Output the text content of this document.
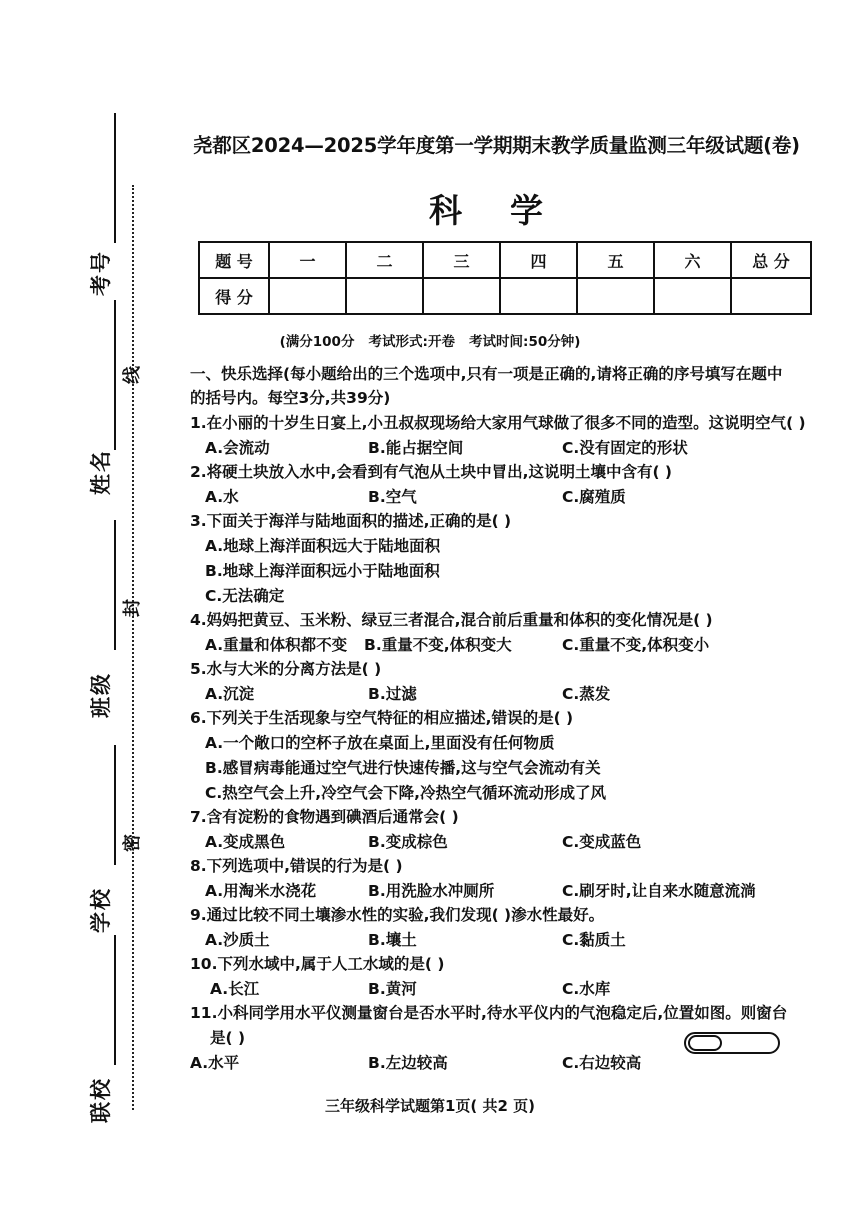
考号
姓名
班级
学校
联校
线
封
密
尧都区2024—2025学年度第一学期期末教学质量监测三年级试题(卷)
科学
题 号	一	二	三	四	五	六	总 分
得 分							
(满分100分   考试形式:开卷   考试时间:50分钟)
一、快乐选择(每小题给出的三个选项中,只有一项是正确的,请将正确的序号填写在题中
的括号内。每空3分,共39分)
1.在小丽的十岁生日宴上,小丑叔叔现场给大家用气球做了很多不同的造型。这说明空气( )
A.会流动	B.能占据空间	C.没有固定的形状
2.将硬土块放入水中,会看到有气泡从土块中冒出,这说明土壤中含有( )
A.水	B.空气	C.腐殖质
3.下面关于海洋与陆地面积的描述,正确的是( )
A.地球上海洋面积远大于陆地面积
B.地球上海洋面积远小于陆地面积
C.无法确定
4.妈妈把黄豆、玉米粉、绿豆三者混合,混合前后重量和体积的变化情况是( )
A.重量和体积都不变 B.重量不变,体积变大	C.重量不变,体积变小
5.水与大米的分离方法是( )
A.沉淀	B.过滤	C.蒸发
6.下列关于生活现象与空气特征的相应描述,错误的是( )
A.一个敞口的空杯子放在桌面上,里面没有任何物质
B.感冒病毒能通过空气进行快速传播,这与空气会流动有关
C.热空气会上升,冷空气会下降,冷热空气循环流动形成了风
7.含有淀粉的食物遇到碘酒后通常会( )
A.变成黑色	B.变成棕色	C.变成蓝色
8.下列选项中,错误的行为是( )
A.用淘米水浇花	B.用洗脸水冲厕所	C.刷牙时,让自来水随意流淌
9.通过比较不同土壤渗水性的实验,我们发现( )渗水性最好。
A.沙质土	B.壤土	C.黏质土
10.下列水域中,属于人工水域的是( )
A.长江	B.黄河	C.水库
11.小科同学用水平仪测量窗台是否水平时,待水平仪内的气泡稳定后,位置如图。则窗台
是( )
A.水平	B.左边较高	C.右边较高
三年级科学试题第1页( 共2 页)
